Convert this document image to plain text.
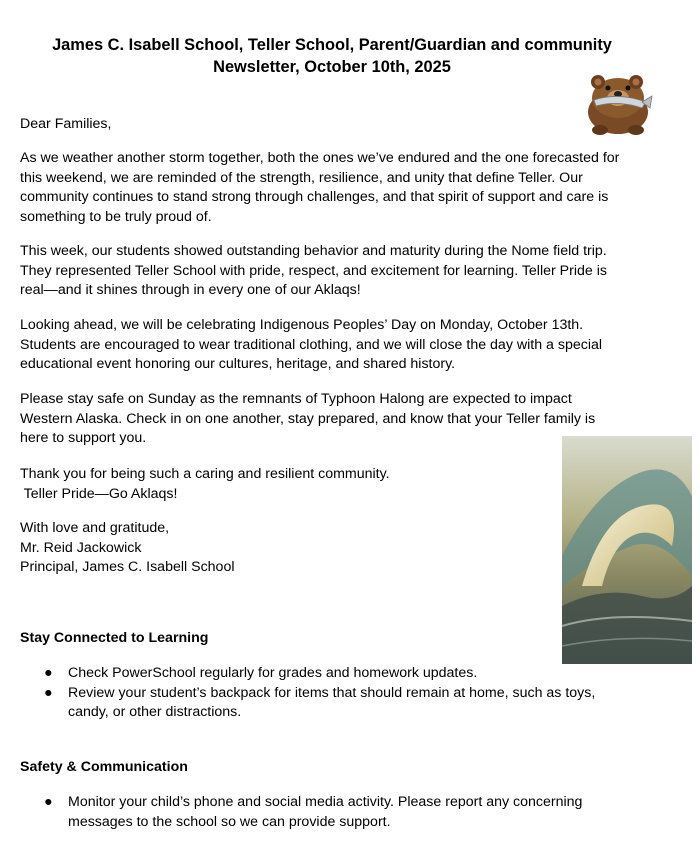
James C. Isabell School, Teller School, Parent/Guardian and community
Newsletter, October 10th, 2025

Dear Families,

As we weather another storm together, both the ones we’ve endured and the one forecasted for
this weekend, we are reminded of the strength, resilience, and unity that define Teller. Our
community continues to stand strong through challenges, and that spirit of support and care is
something to be truly proud of.
This week, our students showed outstanding behavior and maturity during the Nome field trip.
They represented Teller School with pride, respect, and excitement for learning. Teller Pride is
real—and it shines through in every one of our Aklaqs!
Looking ahead, we will be celebrating Indigenous Peoples’ Day on Monday, October 13th.
Students are encouraged to wear traditional clothing, and we will close the day with a special
educational event honoring our cultures, heritage, and shared history.
Please stay safe on Sunday as the remnants of Typhoon Halong are expected to impact
Western Alaska. Check in on one another, stay prepared, and know that your Teller family is
here to support you.
Thank you for being such a caring and resilient community.
Teller Pride—Go Aklaqs!
With love and gratitude,
Mr. Reid Jackowick
Principal, James C. Isabell School
Stay Connected to Learning
● Check PowerSchool regularly for grades and homework updates.
● Review your student’s backpack for items that should remain at home, such as toys,
candy, or other distractions.
Safety & Communication
● Monitor your child’s phone and social media activity. Please report any concerning
messages to the school so we can provide support.
